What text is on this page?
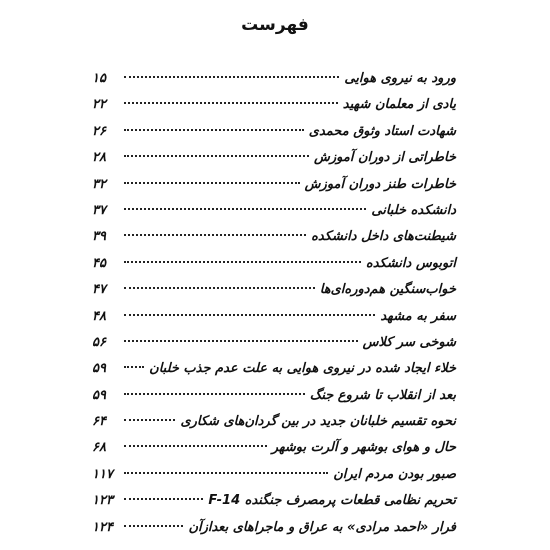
فهرست
ورود به نیروی هوایی
۱۵
یادی از معلمان شهید
۲۲
شهادت استاد وثوق محمدی
۲۶
خاطراتی از دوران آموزش
۲۸
خاطرات طنز دوران آموزش
۳۲
دانشکده خلبانی
۳۷
شیطنت‌های داخل دانشکده
۳۹
اتوبوس دانشکده
۴۵
خواب‌سنگین هم‌دوره‌ای‌ها
۴۷
سفر به مشهد
۴۸
شوخی سر کلاس
۵۶
خلاء ایجاد شده در نیروی هوایی به علت عدم جذب خلبان
۵۹
بعد از انقلاب تا شروع جنگ
۵۹
نحوه تقسیم خلبانان جدید در بین گردان‌های شکاری
۶۴
حال و هوای بوشهر و آلرت بوشهر
۶۸
صبور بودن مردم ایران
۱۱۷
تحریم نظامی قطعات پرمصرف جنگنده F-14
۱۲۳
فرار «احمد مرادی» به عراق و ماجراهای بعدازآن
۱۲۴
